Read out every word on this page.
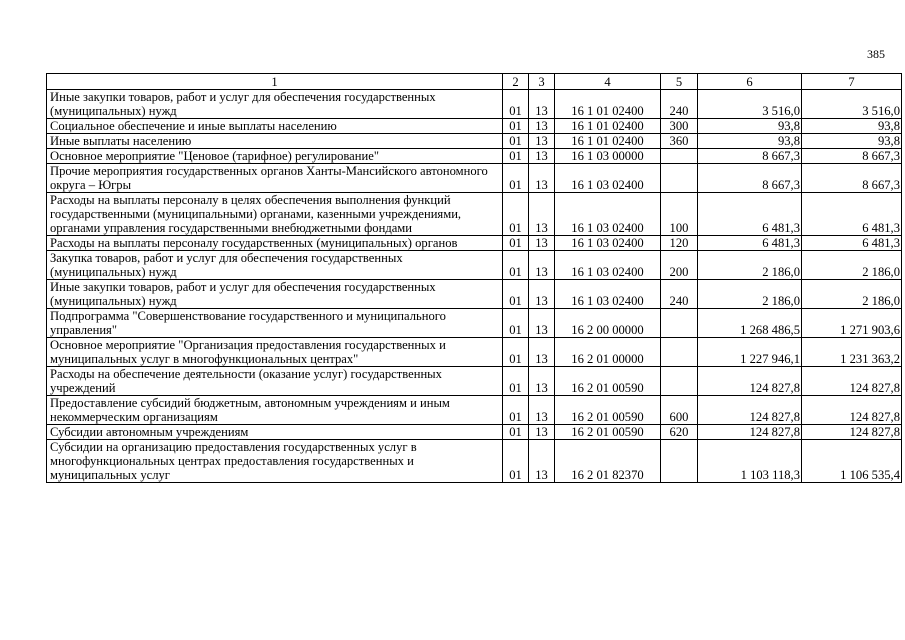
385
1	2	3	4	5	6	7
Иные закупки товаров, работ и услуг для обеспечения государственных (муниципальных) нужд	01	13	16 1 01 02400	240	3 516,0	3 516,0
Социальное обеспечение и иные выплаты населению	01	13	16 1 01 02400	300	93,8	93,8
Иные выплаты населению	01	13	16 1 01 02400	360	93,8	93,8
Основное мероприятие "Ценовое (тарифное) регулирование"	01	13	16 1 03 00000		8 667,3	8 667,3
Прочие мероприятия государственных органов Ханты-Мансийского автономного округа – Югры	01	13	16 1 03 02400		8 667,3	8 667,3
Расходы на выплаты персоналу в целях обеспечения выполнения функций государственными (муниципальными) органами, казенными учреждениями, органами управления государственными внебюджетными фондами	01	13	16 1 03 02400	100	6 481,3	6 481,3
Расходы на выплаты персоналу государственных (муниципальных) органов	01	13	16 1 03 02400	120	6 481,3	6 481,3
Закупка товаров, работ и услуг для обеспечения государственных (муниципальных) нужд	01	13	16 1 03 02400	200	2 186,0	2 186,0
Иные закупки товаров, работ и услуг для обеспечения государственных (муниципальных) нужд	01	13	16 1 03 02400	240	2 186,0	2 186,0
Подпрограмма "Совершенствование государственного и муниципального управления"	01	13	16 2 00 00000		1 268 486,5	1 271 903,6
Основное мероприятие "Организация предоставления государственных и муниципальных услуг в многофункциональных центрах"	01	13	16 2 01 00000		1 227 946,1	1 231 363,2
Расходы на обеспечение деятельности (оказание услуг) государственных учреждений	01	13	16 2 01 00590		124 827,8	124 827,8
Предоставление субсидий бюджетным, автономным учреждениям и иным некоммерческим организациям	01	13	16 2 01 00590	600	124 827,8	124 827,8
Субсидии автономным учреждениям	01	13	16 2 01 00590	620	124 827,8	124 827,8
Субсидии на организацию предоставления государственных услуг в многофункциональных центрах предоставления государственных и муниципальных услуг	01	13	16 2 01 82370		1 103 118,3	1 106 535,4
